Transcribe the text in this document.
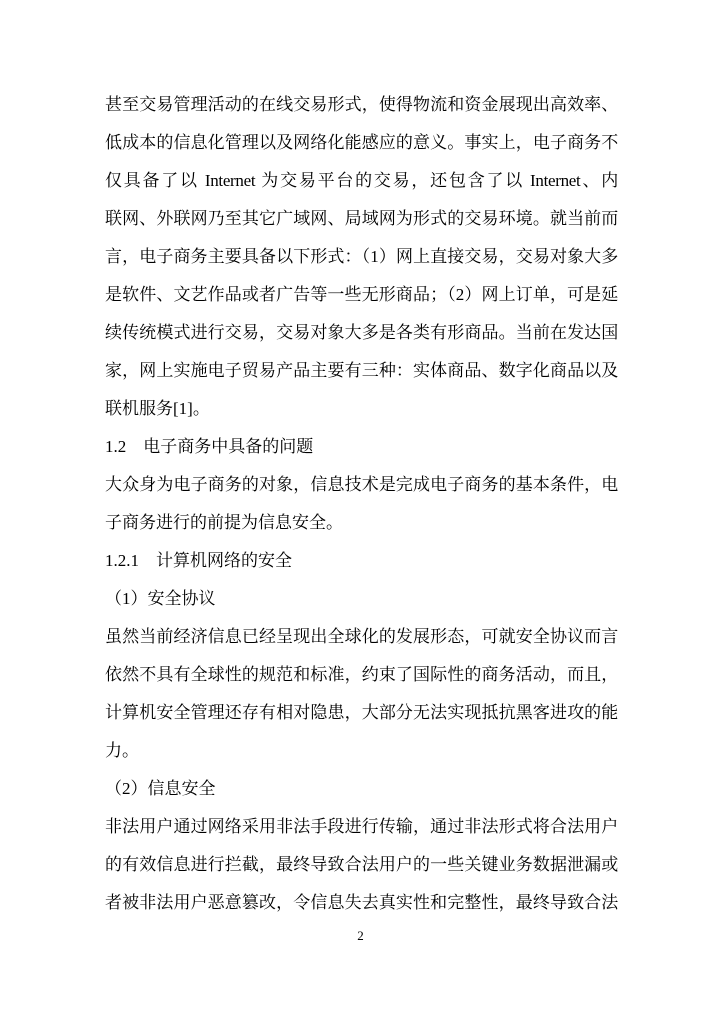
甚至交易管理活动的在线交易形式，使得物流和资金展现出高效率、
低成本的信息化管理以及网络化能感应的意义。事实上，电子商务不
仅具备了以 Internet 为交易平台的交易，还包含了以 Internet、内
联网、外联网乃至其它广域网、局域网为形式的交易环境。就当前而
言，电子商务主要具备以下形式：（1）网上直接交易，交易对象大多
是软件、文艺作品或者广告等一些无形商品；（2）网上订单，可是延
续传统模式进行交易，交易对象大多是各类有形商品。当前在发达国
家，网上实施电子贸易产品主要有三种：实体商品、数字化商品以及
联机服务[1]。
1.2　电子商务中具备的问题
大众身为电子商务的对象，信息技术是完成电子商务的基本条件，电
子商务进行的前提为信息安全。
1.2.1　计算机网络的安全
（1）安全协议
虽然当前经济信息已经呈现出全球化的发展形态，可就安全协议而言
依然不具有全球性的规范和标准，约束了国际性的商务活动，而且，
计算机安全管理还存有相对隐患，大部分无法实现抵抗黑客进攻的能
力。
（2）信息安全
非法用户通过网络采用非法手段进行传输，通过非法形式将合法用户
的有效信息进行拦截，最终导致合法用户的一些关键业务数据泄漏或
者被非法用户恶意篡改，令信息失去真实性和完整性，最终导致合法
2
